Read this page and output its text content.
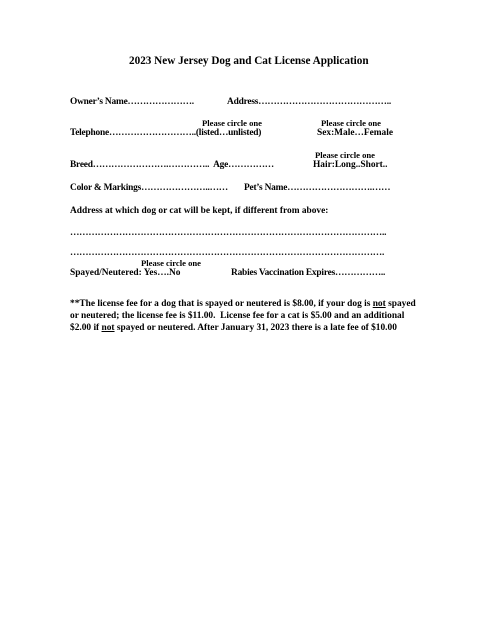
2023 New Jersey Dog and Cat License Application
Owner’s Name………………….	Address……………………………………..
Please circle one	Please circle one
Telephone………………………..(listed…unlisted)	Sex:Male…Female
Please circle one
Breed…………………….…………..  Age……………	Hair:Long..Short..
Color & Markings…………………..…… Pet’s Name……………………….……
Address at which dog or cat will be kept, if different from above:
…………………………………………………………………………………………..
………………………………………………………………………………………….
Please circle one
Spayed/Neutered: Yes….No	Rabies Vaccination Expires……………..
**The license fee for a dog that is spayed or neutered is $8.00, if your dog is not spayed
or neutered; the license fee is $11.00.  License fee for a cat is $5.00 and an additional
$2.00 if not spayed or neutered. After January 31, 2023 there is a late fee of $10.00
